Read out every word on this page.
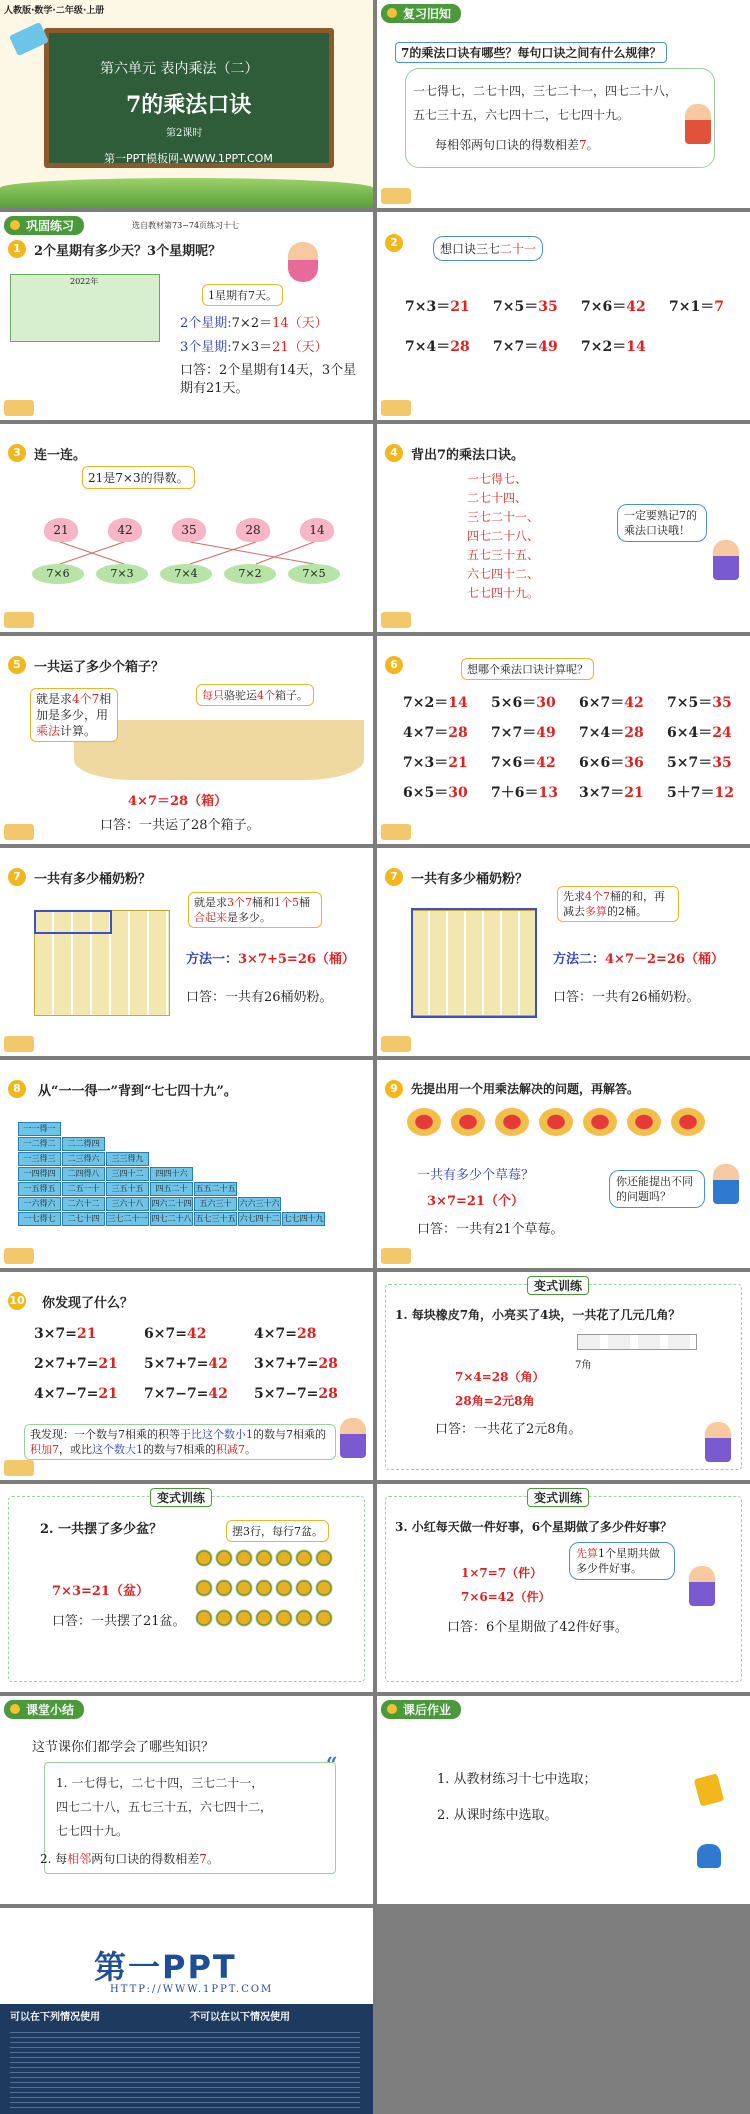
人教版·数学·二年级·上册
第六单元 表内乘法（二）
7的乘法口诀
第2课时
第一PPT模板网-WWW.1PPT.COM
复习旧知
7的乘法口诀有哪些？每句口诀之间有什么规律？
一七得七，二七十四，三七二十一，四七二十八，
五七三十五，六七四十二，七七四十九。
每相邻两句口诀的得数相差7。
巩固练习	选自教材第73~74页练习十七
1	2个星期有多少天？3个星期呢？
2022年
1星期有7天。
2个星期:7×2＝14（天）
3个星期:7×3＝21（天）
口答：2个星期有14天，3个星期有21天。
2	想口诀三七二十一
7×3＝21 7×5＝35 7×6＝42 7×1＝7
7×4＝28 7×7＝49 7×2＝14
3	连一连。
21是7×3的得数。
21	42	35	28	14
7×6	7×3	7×4	7×2	7×5
4	背出7的乘法口诀。
一七得七、
二七十四、
三七二十一、
四七二十八、
五七三十五、
六七四十二、
七七四十九。
一定要熟记7的乘法口诀哦！
5	一共运了多少个箱子？
就是求4个7相加是多少，用乘法计算。
每只骆驼运4个箱子。
4×7＝28（箱）
口答：一共运了28个箱子。
6	想哪个乘法口诀计算呢？
7×2＝14 5×6＝30 6×7＝42 7×5＝35
4×7＝28 7×7＝49 7×4＝28 6×4＝24
7×3＝21 7×6＝42 6×6＝36 5×7＝35
6×5＝30 7＋6＝13 3×7＝21 5＋7＝12
7	一共有多少桶奶粉？
就是求3个7桶和1个5桶合起来是多少。
方法一：3×7+5=26（桶）
口答：一共有26桶奶粉。
7	一共有多少桶奶粉？
先求4个7桶的和，再减去多算的2桶。
方法二：4×7－2=26（桶）
口答：一共有26桶奶粉。
8	从“一一得一”背到“七七四十九”。
一一得一
一二得二	二二得四
一三得三	二三得六	三三得九
一四得四	二四得八	三四十二	四四十六
一五得五	二五一十	三五十五	四五二十	五五二十五
一六得六	二六十二	三六十八	四六二十四	五六三十	六六三十六
一七得七	二七十四	三七二十一 四七二十八 五七三十五 六七四十二 七七四十九
9	先提出用一个用乘法解决的问题，再解答。
一共有多少个草莓？	你还能提出不同的问题吗？
3×7=21（个）
口答：一共有21个草莓。
10 你发现了什么？
3×7=21	6×7=42	4×7=28
2×7+7=21 5×7+7=42 3×7+7=28
4×7−7=21 7×7−7=42 5×7−7=28
我发现：一个数与7相乘的积等于比这个数小1的数与7相乘的积加7，或比这个数大1的数与7相乘的积减7。
变式训练
1. 每块橡皮7角，小亮买了4块，一共花了几元几角？
7角
7×4=28（角）
28角=2元8角
口答：一共花了2元8角。
变式训练
2. 一共摆了多少盆？	摆3行，每行7盆。
7×3=21（盆）
口答：一共摆了21盆。
变式训练
3. 小红每天做一件好事，6个星期做了多少件好事？
先算1个星期共做多少件好事。
1×7=7（件）
7×6=42（件）
口答：6个星期做了42件好事。
课堂小结
这节课你们都学会了哪些知识？
“
1. 一七得七，二七十四，三七二十一，
四七二十八，五七三十五，六七四十二，
七七四十九。
2. 每相邻两句口诀的得数相差7。
课后作业
1. 从教材练习十七中选取；
2. 从课时练中选取。
第一PPT
HTTP://WWW.1PPT.COM
可以在下列情况使用	不可以在以下情况使用
